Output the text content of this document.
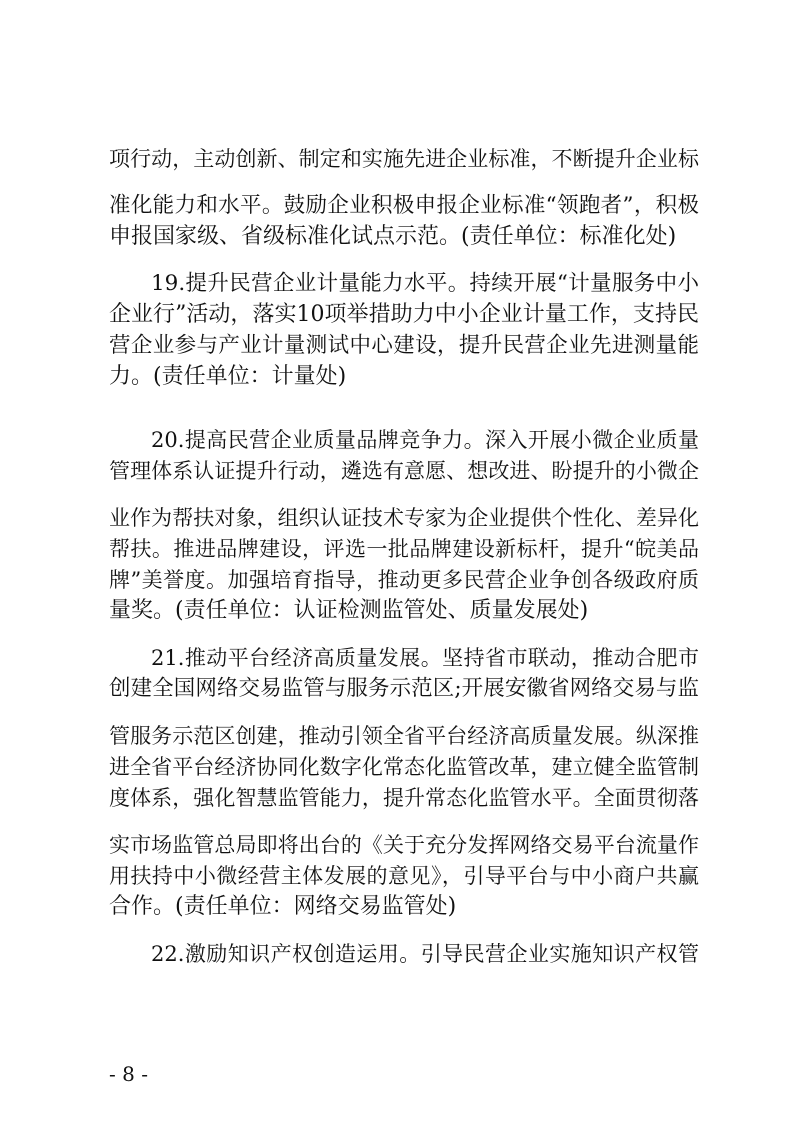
项行动，主动创新、制定和实施先进企业标准，不断提升企业标
准化能力和水平。鼓励企业积极申报企业标准“领跑者”，积极
申报国家级、省级标准化试点示范。(责任单位：标准化处)
19.提升民营企业计量能力水平。持续开展“计量服务中小
企业行”活动，落实10项举措助力中小企业计量工作，支持民
营企业参与产业计量测试中心建设，提升民营企业先进测量能
力。(责任单位：计量处)
20.提高民营企业质量品牌竞争力。深入开展小微企业质量
管理体系认证提升行动，遴选有意愿、想改进、盼提升的小微企
业作为帮扶对象，组织认证技术专家为企业提供个性化、差异化
帮扶。推进品牌建设，评选一批品牌建设新标杆，提升“皖美品
牌”美誉度。加强培育指导，推动更多民营企业争创各级政府质
量奖。(责任单位：认证检测监管处、质量发展处)
21.推动平台经济高质量发展。坚持省市联动，推动合肥市
创建全国网络交易监管与服务示范区;开展安徽省网络交易与监
管服务示范区创建，推动引领全省平台经济高质量发展。纵深推
进全省平台经济协同化数字化常态化监管改革，建立健全监管制
度体系，强化智慧监管能力，提升常态化监管水平。全面贯彻落
实市场监管总局即将出台的《关于充分发挥网络交易平台流量作
用扶持中小微经营主体发展的意见》，引导平台与中小商户共赢
合作。(责任单位：网络交易监管处)
22.激励知识产权创造运用。引导民营企业实施知识产权管
- 8 -
